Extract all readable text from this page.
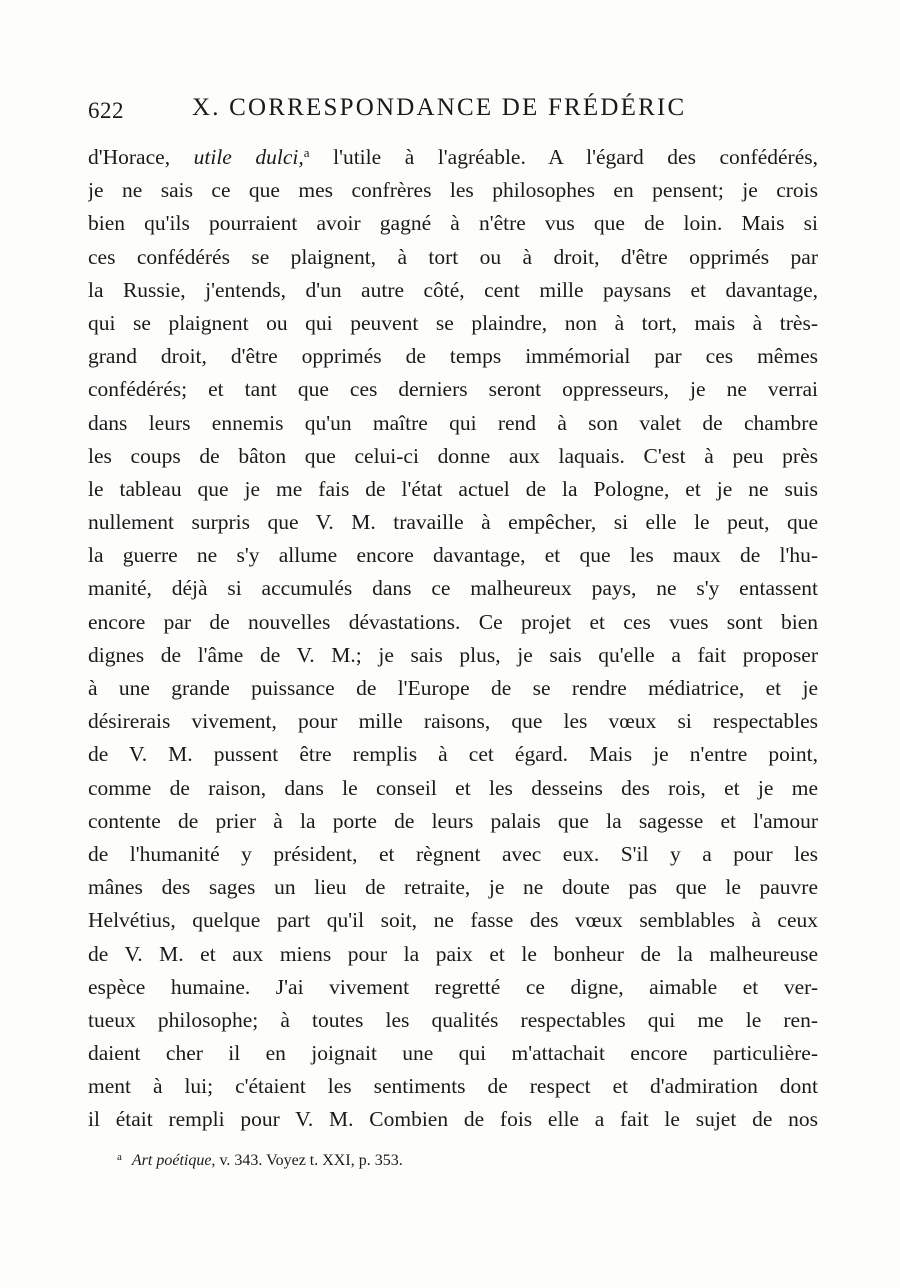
622	X. CORRESPONDANCE DE FRÉDÉRIC
d'Horace, utile dulci,$^a$ l'utile à l'agréable. A l'égard des confédérés,
je ne sais ce que mes confrères les philosophes en pensent; je crois
bien qu'ils pourraient avoir gagné à n'être vus que de loin. Mais si
ces confédérés se plaignent, à tort ou à droit, d'être opprimés par
la Russie, j'entends, d'un autre côté, cent mille paysans et davantage,
qui se plaignent ou qui peuvent se plaindre, non à tort, mais à très-
grand droit, d'être opprimés de temps immémorial par ces mêmes
confédérés; et tant que ces derniers seront oppresseurs, je ne verrai
dans leurs ennemis qu'un maître qui rend à son valet de chambre
les coups de bâton que celui-ci donne aux laquais. C'est à peu près
le tableau que je me fais de l'état actuel de la Pologne, et je ne suis
nullement surpris que V. M. travaille à empêcher, si elle le peut, que
la guerre ne s'y allume encore davantage, et que les maux de l'hu-
manité, déjà si accumulés dans ce malheureux pays, ne s'y entassent
encore par de nouvelles dévastations. Ce projet et ces vues sont bien
dignes de l'âme de V. M.; je sais plus, je sais qu'elle a fait proposer
à une grande puissance de l'Europe de se rendre médiatrice, et je
désirerais vivement, pour mille raisons, que les vœux si respectables
de V. M. pussent être remplis à cet égard. Mais je n'entre point,
comme de raison, dans le conseil et les desseins des rois, et je me
contente de prier à la porte de leurs palais que la sagesse et l'amour
de l'humanité y président, et règnent avec eux. S'il y a pour les
mânes des sages un lieu de retraite, je ne doute pas que le pauvre
Helvétius, quelque part qu'il soit, ne fasse des vœux semblables à ceux
de V. M. et aux miens pour la paix et le bonheur de la malheureuse
espèce humaine. J'ai vivement regretté ce digne, aimable et ver-
tueux philosophe; à toutes les qualités respectables qui me le ren-
daient cher il en joignait une qui m'attachait encore particulière-
ment à lui; c'étaient les sentiments de respect et d'admiration dont
il était rempli pour V. M. Combien de fois elle a fait le sujet de nos
$^a$ Art poétique, v. 343. Voyez t. XXI, p. 353.
